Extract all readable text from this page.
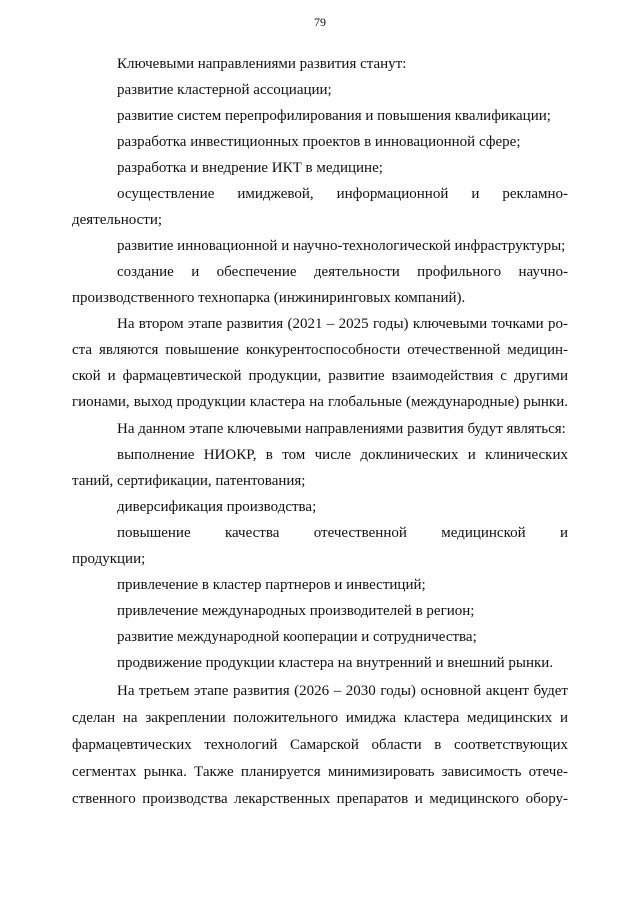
79
Ключевыми направлениями развития станут:
развитие кластерной ассоциации;
развитие систем перепрофилирования и повышения квалификации;
разработка инвестиционных проектов в инновационной сфере;
разработка и внедрение ИКТ в медицине;
осуществление имиджевой, информационной и рекламно-
деятельности;
развитие инновационной и научно-технологической инфраструктуры;
создание и обеспечение деятельности профильного научно-
производственного технопарка (инжиниринговых компаний).
На втором этапе развития (2021 – 2025 годы) ключевыми точками ро-
ста являются повышение конкурентоспособности отечественной медицин-
ской и фармацевтической продукции, развитие взаимодействия с другими
гионами, выход продукции кластера на глобальные (международные) рынки.
На данном этапе ключевыми направлениями развития будут являться:
выполнение НИОКР, в том числе доклинических и клинических
таний, сертификации, патентования;
диверсификация производства;
повышение качества отечественной медицинской и
продукции;
привлечение в кластер партнеров и инвестиций;
привлечение международных производителей в регион;
развитие международной кооперации и сотрудничества;
продвижение продукции кластера на внутренний и внешний рынки.
На третьем этапе развития (2026 – 2030 годы) основной акцент будет
сделан на закреплении положительного имиджа кластера медицинских и
фармацевтических технологий Самарской области в соответствующих
сегментах рынка. Также планируется минимизировать зависимость отече-
ственного производства лекарственных препаратов и медицинского обору-
